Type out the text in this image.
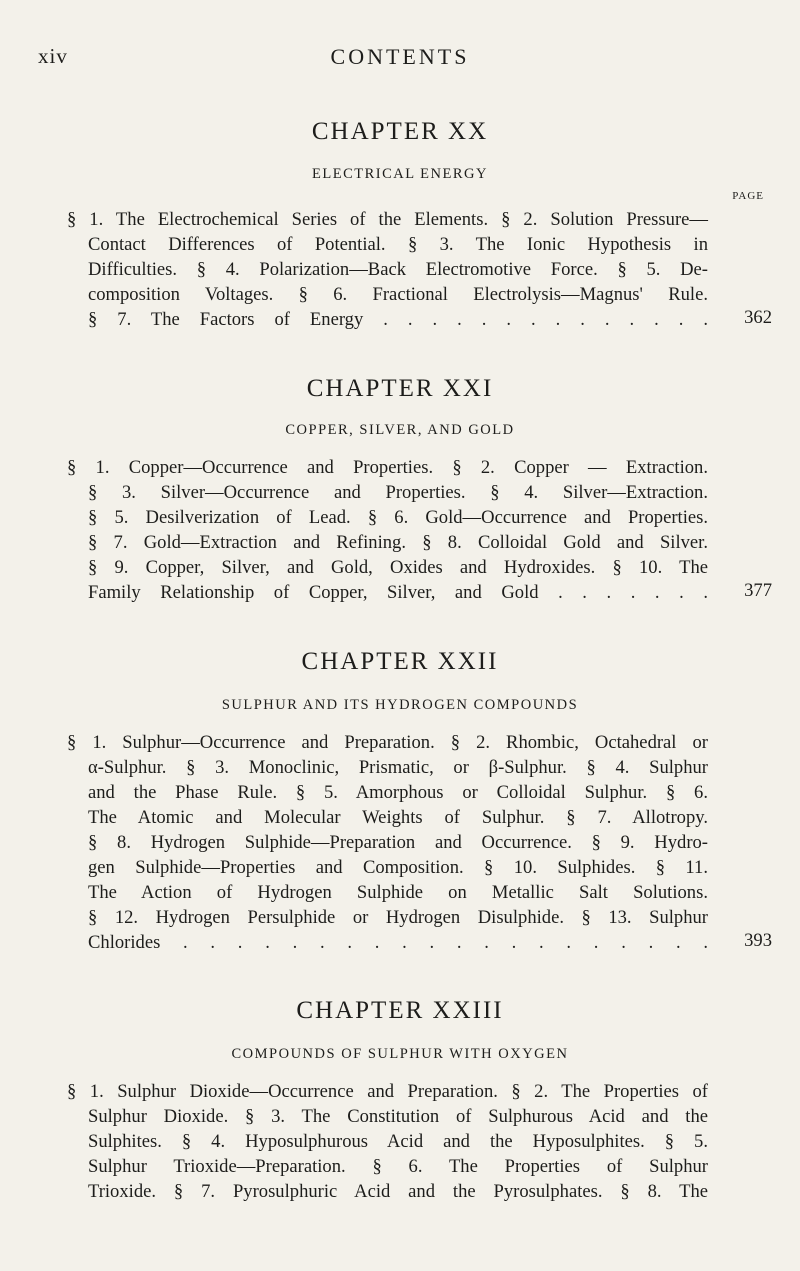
xiv	CONTENTS
CHAPTER XX
ELECTRICAL ENERGY
PAGE
§ 1. The Electrochemical Series of the Elements. § 2. Solution Pressure—
Contact Differences of Potential. § 3. The Ionic Hypothesis in
Difficulties. § 4. Polarization—Back Electromotive Force. § 5. De-
composition Voltages. § 6. Fractional Electrolysis—Magnus' Rule.
§ 7. The Factors of Energy . . . . . . . . . . . . . . 362
CHAPTER XXI
COPPER, SILVER, AND GOLD
§ 1. Copper—Occurrence and Properties. § 2. Copper — Extraction.
§ 3. Silver—Occurrence and Properties. § 4. Silver—Extraction.
§ 5. Desilverization of Lead. § 6. Gold—Occurrence and Properties.
§ 7. Gold—Extraction and Refining. § 8. Colloidal Gold and Silver.
§ 9. Copper, Silver, and Gold, Oxides and Hydroxides. § 10. The
Family Relationship of Copper, Silver, and Gold . . . . . . . 377
CHAPTER XXII
SULPHUR AND ITS HYDROGEN COMPOUNDS
§ 1. Sulphur—Occurrence and Preparation. § 2. Rhombic, Octahedral or
α-Sulphur. § 3. Monoclinic, Prismatic, or β-Sulphur. § 4. Sulphur
and the Phase Rule. § 5. Amorphous or Colloidal Sulphur. § 6.
The Atomic and Molecular Weights of Sulphur. § 7. Allotropy.
§ 8. Hydrogen Sulphide—Preparation and Occurrence. § 9. Hydro-
gen Sulphide—Properties and Composition. § 10. Sulphides. § 11.
The Action of Hydrogen Sulphide on Metallic Salt Solutions.
§ 12. Hydrogen Persulphide or Hydrogen Disulphide. § 13. Sulphur
Chlorides . . . . . . . . . . . . . . . . . . . . 393
CHAPTER XXIII
COMPOUNDS OF SULPHUR WITH OXYGEN
§ 1. Sulphur Dioxide—Occurrence and Preparation. § 2. The Properties of
Sulphur Dioxide. § 3. The Constitution of Sulphurous Acid and the
Sulphites. § 4. Hyposulphurous Acid and the Hyposulphites. § 5.
Sulphur Trioxide—Preparation. § 6. The Properties of Sulphur
Trioxide. § 7. Pyrosulphuric Acid and the Pyrosulphates. § 8. The
